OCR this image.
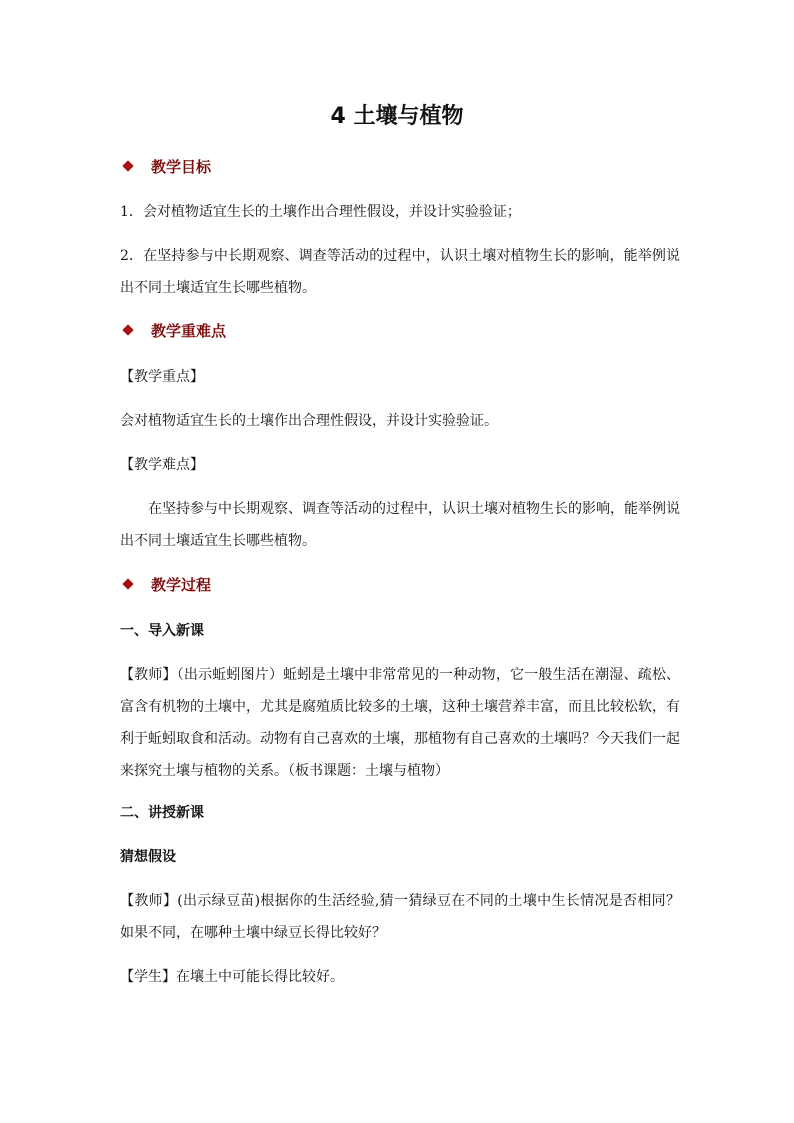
4 土壤与植物
教学目标

1．会对植物适宜生长的土壤作出合理性假设，并设计实验验证；

2．在坚持参与中长期观察、调查等活动的过程中，认识土壤对植物生长的影响，能举例说出不同土壤适宜生长哪些植物。

教学重难点

【教学重点】

会对植物适宜生长的土壤作出合理性假设，并设计实验验证。

【教学难点】

在坚持参与中长期观察、调查等活动的过程中，认识土壤对植物生长的影响，能举例说出不同土壤适宜生长哪些植物。

教学过程
一、导入新课

【教师】（出示蚯蚓图片）蚯蚓是土壤中非常常见的一种动物，它一般生活在潮湿、疏松、富含有机物的土壤中，尤其是腐殖质比较多的土壤，这种土壤营养丰富，而且比较松软，有利于蚯蚓取食和活动。动物有自己喜欢的土壤，那植物有自己喜欢的土壤吗？今天我们一起来探究土壤与植物的关系。（板书课题：土壤与植物）

二、讲授新课
猜想假设

【教师】(出示绿豆苗)根据你的生活经验,猜一猜绿豆在不同的土壤中生长情况是否相同？如果不同，在哪种土壤中绿豆长得比较好？

【学生】在壤土中可能长得比较好。
